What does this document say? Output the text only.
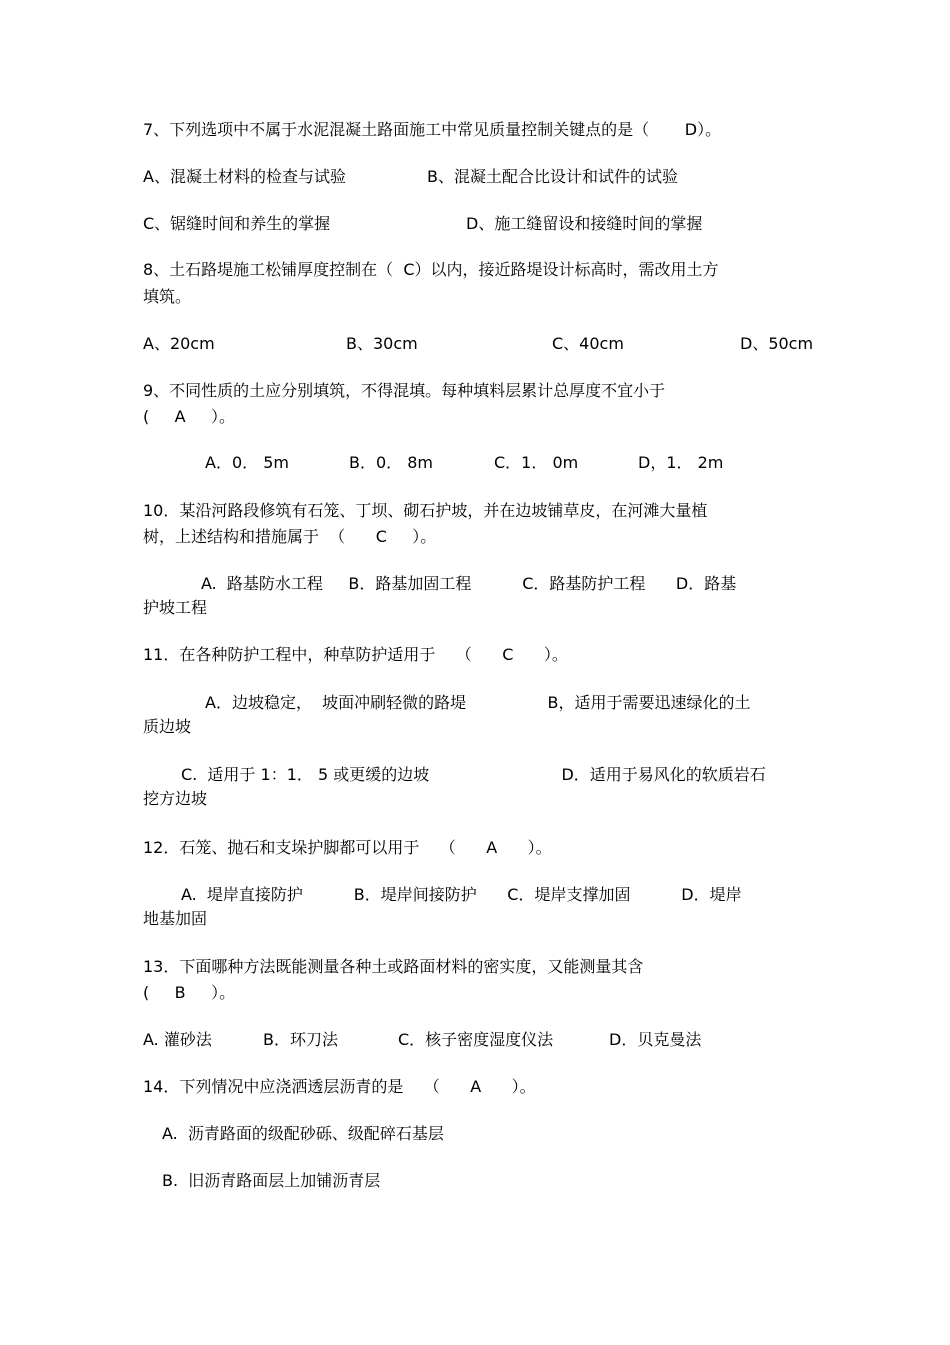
7、下列选项中不属于水泥混凝土路面施工中常见质量控制关键点的是（       D）。
A、混凝土材料的检查与试验	B、混凝土配合比设计和试件的试验
C、锯缝时间和养生的掌握	D、施工缝留设和接缝时间的掌握
8、土石路堤施工松铺厚度控制在（  C）以内，接近路堤设计标高时，需改用土方
填筑。
A、20cm	B、30cm	C、40cm	D、50cm
9、不同性质的土应分别填筑，不得混填。每种填料层累计总厚度不宜小于
(     A     ）。
A．0． 5m	B．0． 8m	C．1． 0m	D，1． 2m
10．某沿河路段修筑有石笼、丁坝、砌石护坡，并在边坡铺草皮，在河滩大量植
树，上述结构和措施属于  （      C     ）。
A.  路基防水工程     B．路基加固工程          C．路基防护工程      D．路基
护坡工程
11．在各种防护工程中，种草防护适用于    （      C      ）。
A．边坡稳定，  坡面冲刷轻微的路堤                B，适用于需要迅速绿化的土
质边坡
C.  适用于 1：1． 5 或更缓的边坡                          D．适用于易风化的软质岩石
挖方边坡
12．石笼、抛石和支垛护脚都可以用于    （      A      ）。
A.  堤岸直接防护          B．堤岸间接防护      C．堤岸支撑加固          D．堤岸
地基加固
13．下面哪种方法既能测量各种土或路面材料的密实度，又能测量其含
(     B     ）。
A. 灌砂法	B．环刀法	C．核子密度湿度仪法	D．贝克曼法
14．下列情况中应浇洒透层沥青的是    （      A      ）。
A.  沥青路面的级配砂砾、级配碎石基层
B.  旧沥青路面层上加铺沥青层
